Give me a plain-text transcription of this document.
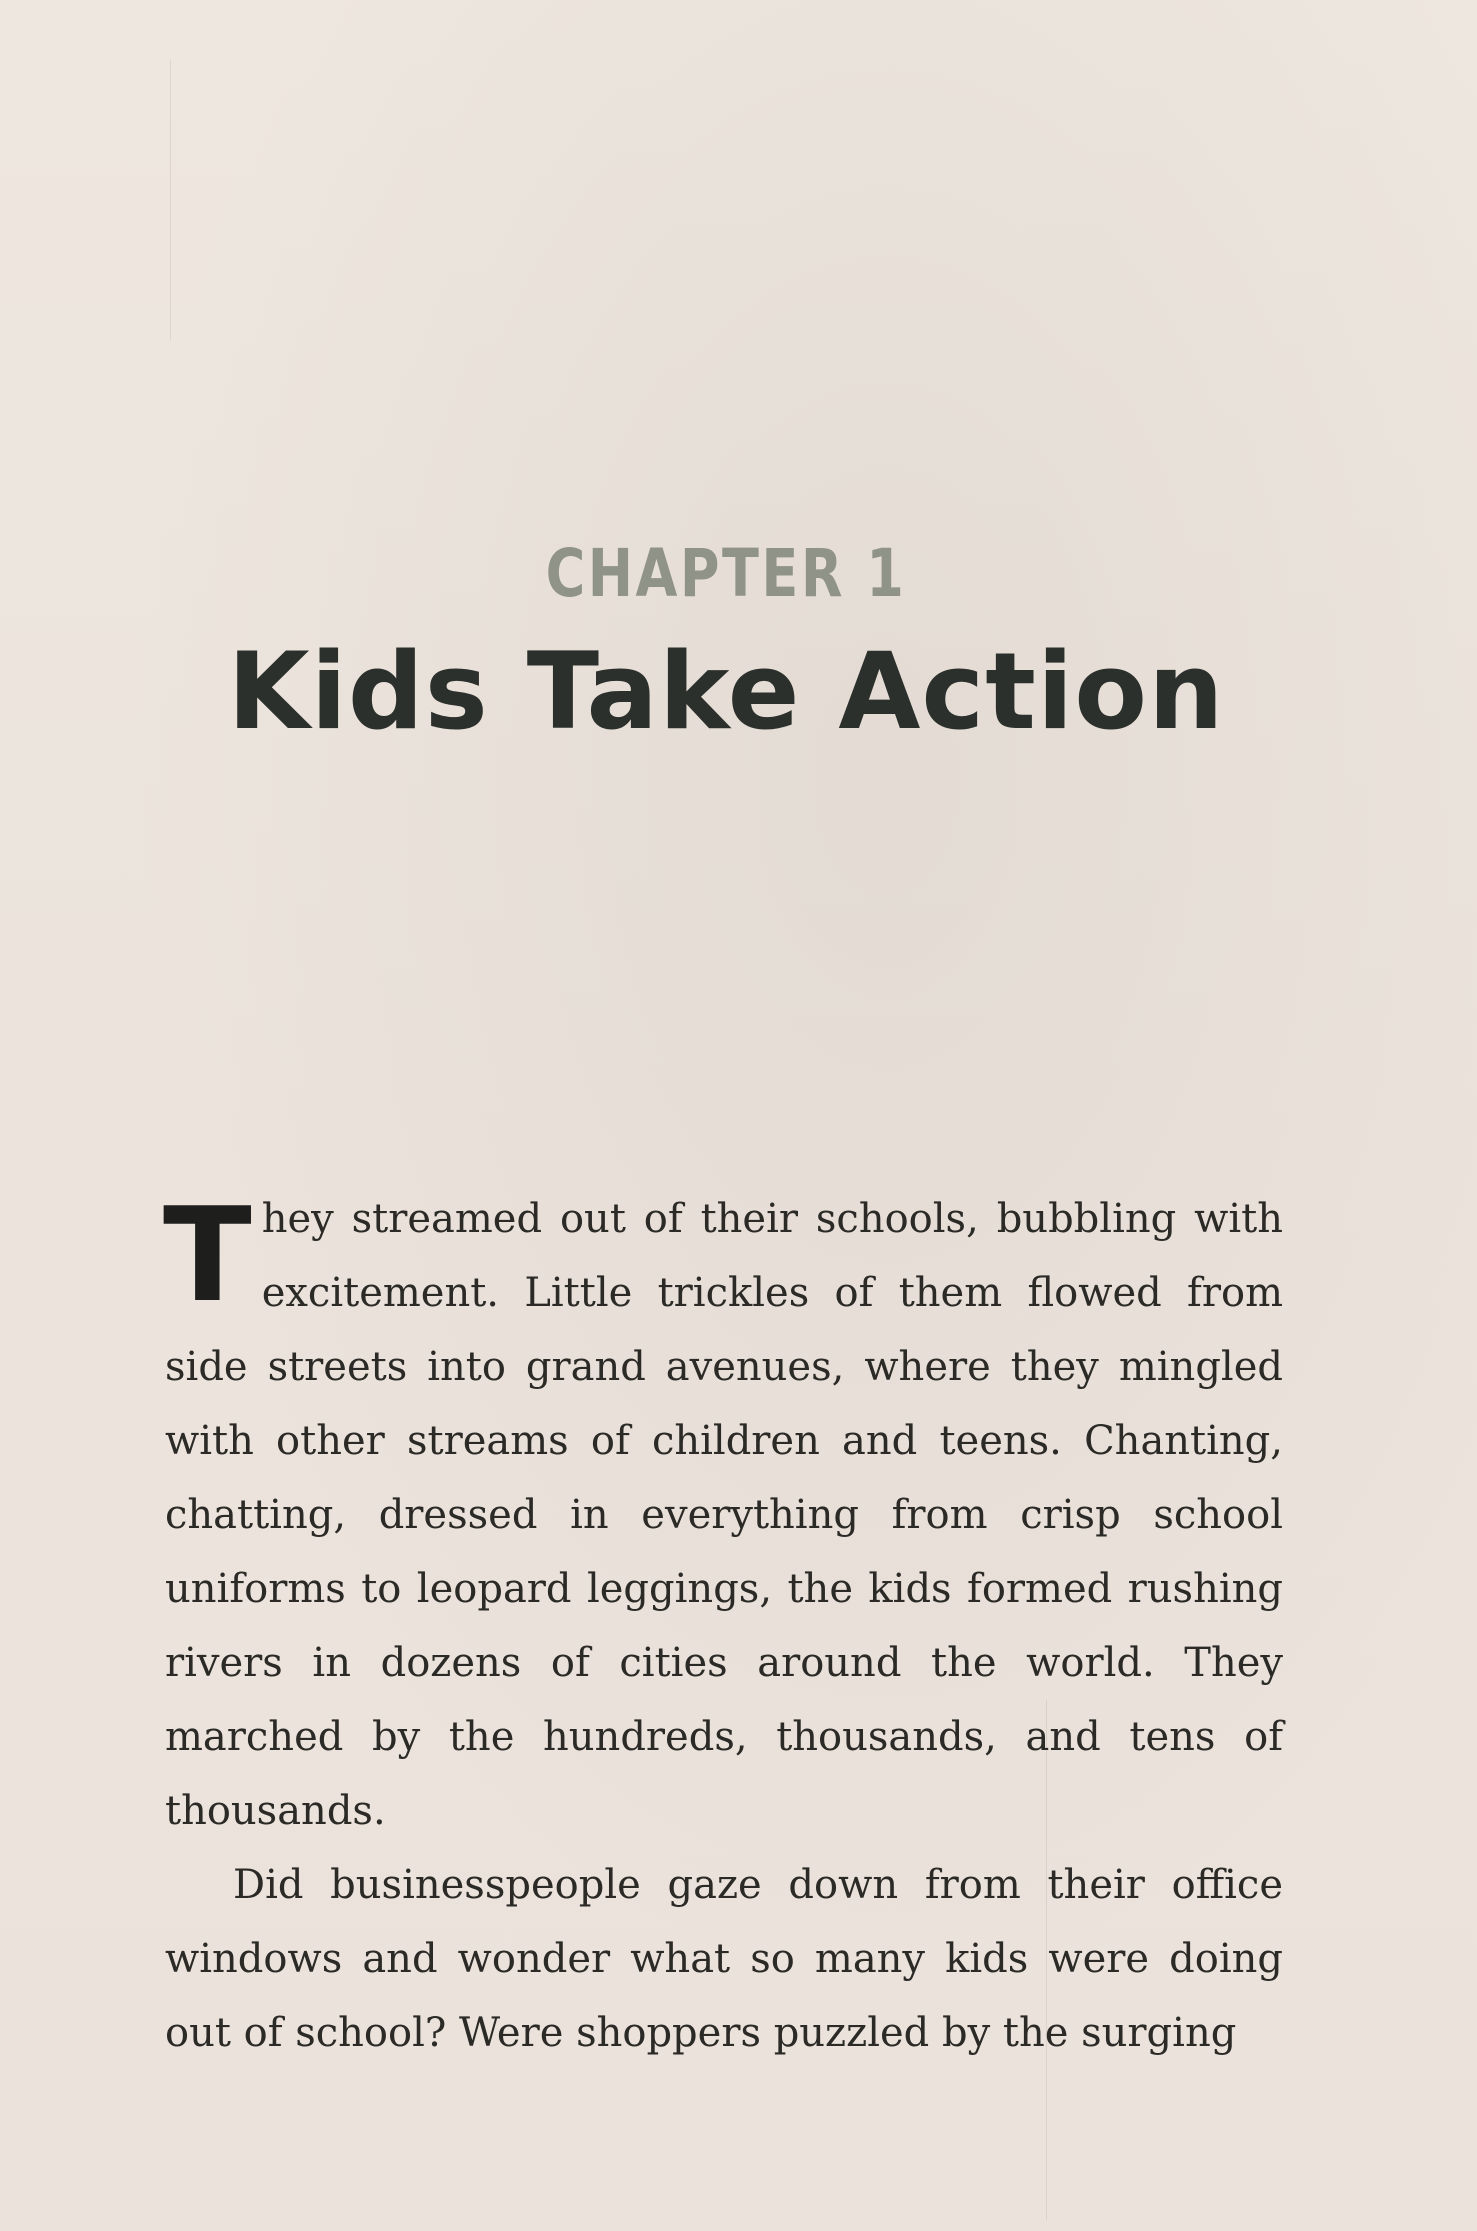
CHAPTER 1
Kids Take Action

They streamed out of their schools, bubbling with excitement. Little trickles of them flowed from side streets into grand avenues, where they mingled with other streams of children and teens. Chanting, chatting, dressed in everything from crisp school uniforms to leopard leggings, the kids formed rushing rivers in dozens of cities around the world. They marched by the hundreds, thousands, and tens of thousands.

Did businesspeople gaze down from their office windows and wonder what so many kids were doing out of school? Were shoppers puzzled by the surging
